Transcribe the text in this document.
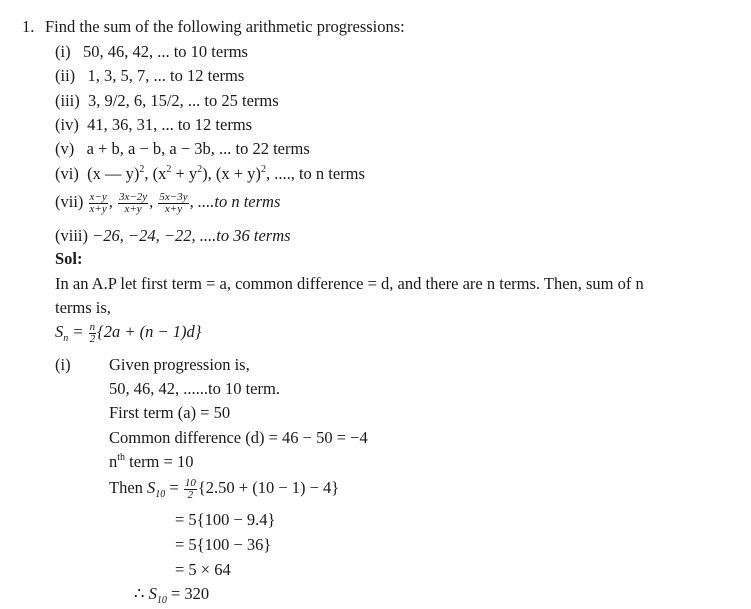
1. Find the sum of the following arithmetic progressions:
(i) 50, 46, 42, ... to 10 terms
(ii) 1, 3, 5, 7, ... to 12 terms
(iii) 3, 9/2, 6, 15/2, ... to 25 terms
(iv) 41, 36, 31, ... to 12 terms
(v) a + b, a − b, a − 3b, ... to 22 terms
(vi) (x — y)$^2$, $(x^2 + y^2)$, $(x + y)^2$, ...., to n terms
$(vii) \frac{x-y}{x+y}$ , $\frac{3x-2y}{x+y}$ , $\frac{5x-3y}{x+y}$ , ....to n terms
(viii) −26, −24, −22, ....to 36 terms
Sol:
In an A.P let first term = a, common difference = d, and there are n terms. Then, sum of n
terms is,
$S_n = \frac{n}{2} \{2a + (n - 1)d\}$
(i) Given progression is,
50, 46, 42, ......to 10 term.
First term (a) = 50
Common difference (d) = 46 − 50 = −4
$n^{th}$ term = 10
Then $S_{10} = \frac{10}{2} \{2.50 + (10 - 1) - 4\}$
= 5{100 − 9.4}
= 5{100 − 36}
= 5 × 64
∴ $S_{10} = 320$
